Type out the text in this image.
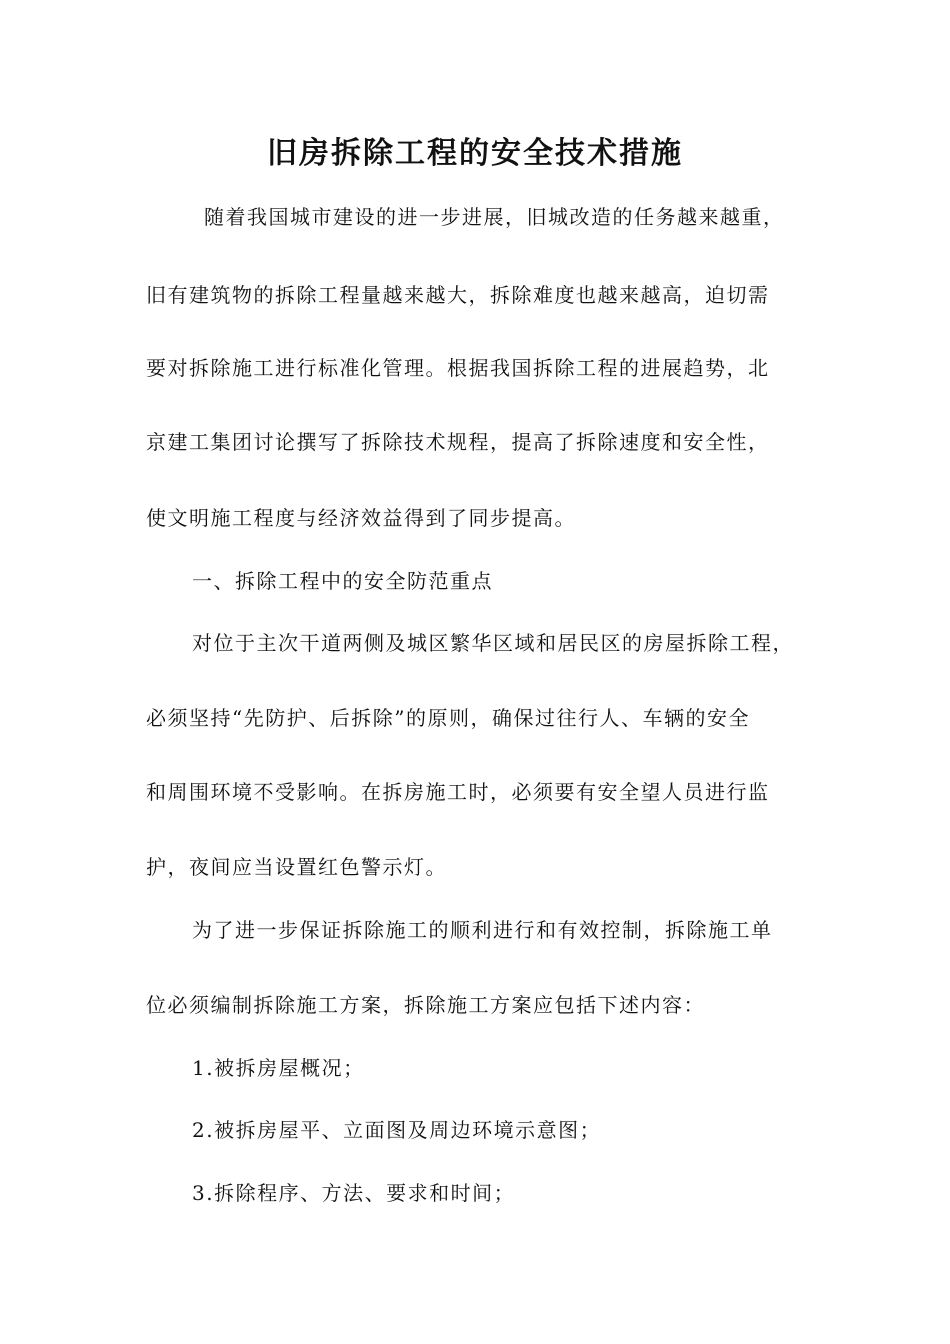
旧房拆除工程的安全技术措施
随着我国城市建设的进一步进展，旧城改造的任务越来越重，
旧有建筑物的拆除工程量越来越大，拆除难度也越来越高，迫切需
要对拆除施工进行标准化管理。根据我国拆除工程的进展趋势，北
京建工集团讨论撰写了拆除技术规程，提高了拆除速度和安全性，
使文明施工程度与经济效益得到了同步提高。
一、拆除工程中的安全防范重点
对位于主次干道两侧及城区繁华区域和居民区的房屋拆除工程，
必须坚持“先防护、后拆除”的原则，确保过往行人、车辆的安全
和周围环境不受影响。在拆房施工时，必须要有安全望人员进行监
护，夜间应当设置红色警示灯。
为了进一步保证拆除施工的顺利进行和有效控制，拆除施工单
位必须编制拆除施工方案，拆除施工方案应包括下述内容：
1.被拆房屋概况；
2.被拆房屋平、立面图及周边环境示意图；
3.拆除程序、方法、要求和时间；
